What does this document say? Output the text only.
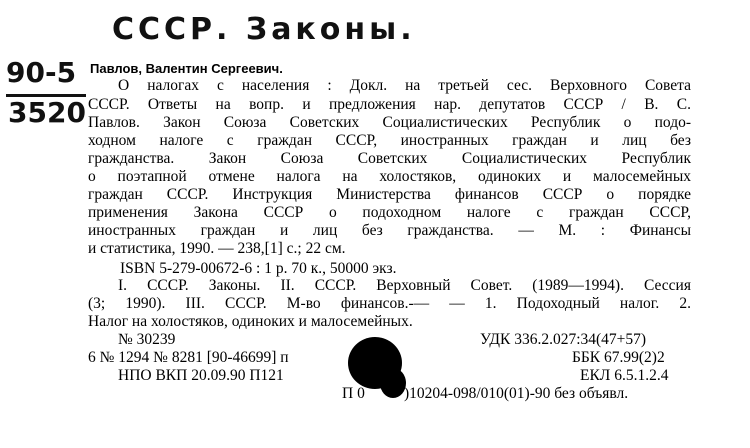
СССР. Законы.
90-5
3520
Павлов, Валентин Сергеевич.
О налогах с населения : Докл. на третьей сес. Верховного Совета
СССР. Ответы на вопр. и предложения нар. депутатов СССР / В. С.
Павлов. Закон Союза Советских Социалистических Республик о подо-
ходном налоге с граждан СССР, иностранных граждан и лиц без
гражданства. Закон Союза Советских Социалистических Республик
о поэтапной отмене налога на холостяков, одиноких и малосемейных
граждан СССР. Инструкция Министерства финансов СССР о порядке
применения Закона СССР о подоходном налоге с граждан СССР,
иностранных граждан и лиц без гражданства. — М. : Финансы
и статистика, 1990. — 238,[1] с.; 22 см.
ISBN 5-279-00672-6 : 1 р. 70 к., 50000 экз.
I. СССР. Законы. II. СССР. Верховный Совет. (1989—1994). Сессия
(3; 1990). III. СССР. М-во финансов.-— — 1. Подоходный налог. 2.
Налог на холостяков, одиноких и малосемейных.
№ 30239	УДК 336.2.027:34(47+57)
6 № 1294 № 8281 [90-46699] п	ББК 67.99(2)2
НПО ВКП 20.09.90 П121	ЕКЛ 6.5.1.2.4
П 0	)10204-098/010(01)-90 без объявл.
